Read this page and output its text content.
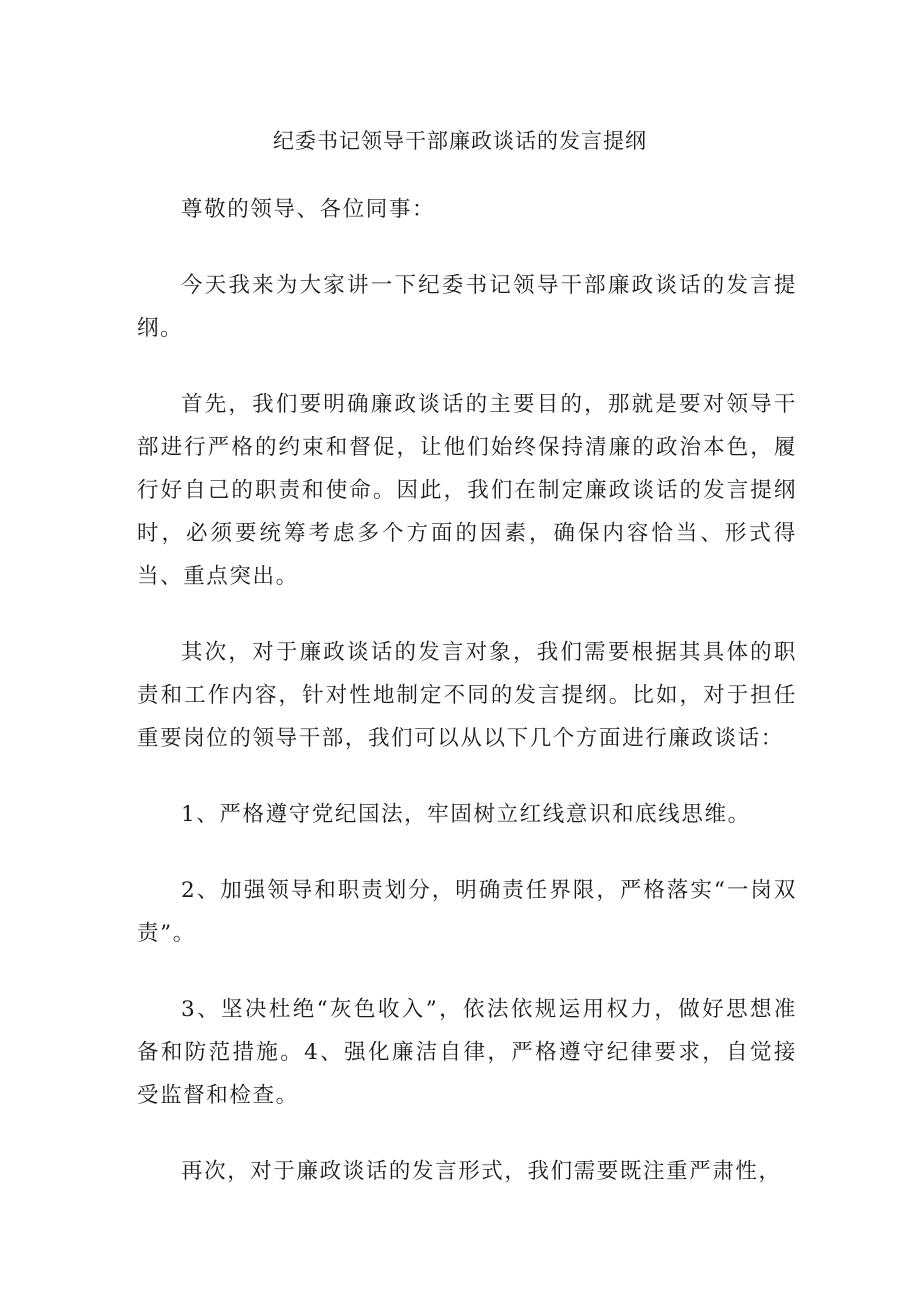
纪委书记领导干部廉政谈话的发言提纲

尊敬的领导、各位同事：

今天我来为大家讲一下纪委书记领导干部廉政谈话的发言提纲。

首先，我们要明确廉政谈话的主要目的，那就是要对领导干部进行严格的约束和督促，让他们始终保持清廉的政治本色，履行好自己的职责和使命。因此，我们在制定廉政谈话的发言提纲时，必须要统筹考虑多个方面的因素，确保内容恰当、形式得当、重点突出。

其次，对于廉政谈话的发言对象，我们需要根据其具体的职责和工作内容，针对性地制定不同的发言提纲。比如，对于担任重要岗位的领导干部，我们可以从以下几个方面进行廉政谈话：

1、严格遵守党纪国法，牢固树立红线意识和底线思维。

2、加强领导和职责划分，明确责任界限，严格落实“一岗双责”。

3、坚决杜绝“灰色收入”，依法依规运用权力，做好思想准备和防范措施。4、强化廉洁自律，严格遵守纪律要求，自觉接受监督和检查。

再次，对于廉政谈话的发言形式，我们需要既注重严肃性，
